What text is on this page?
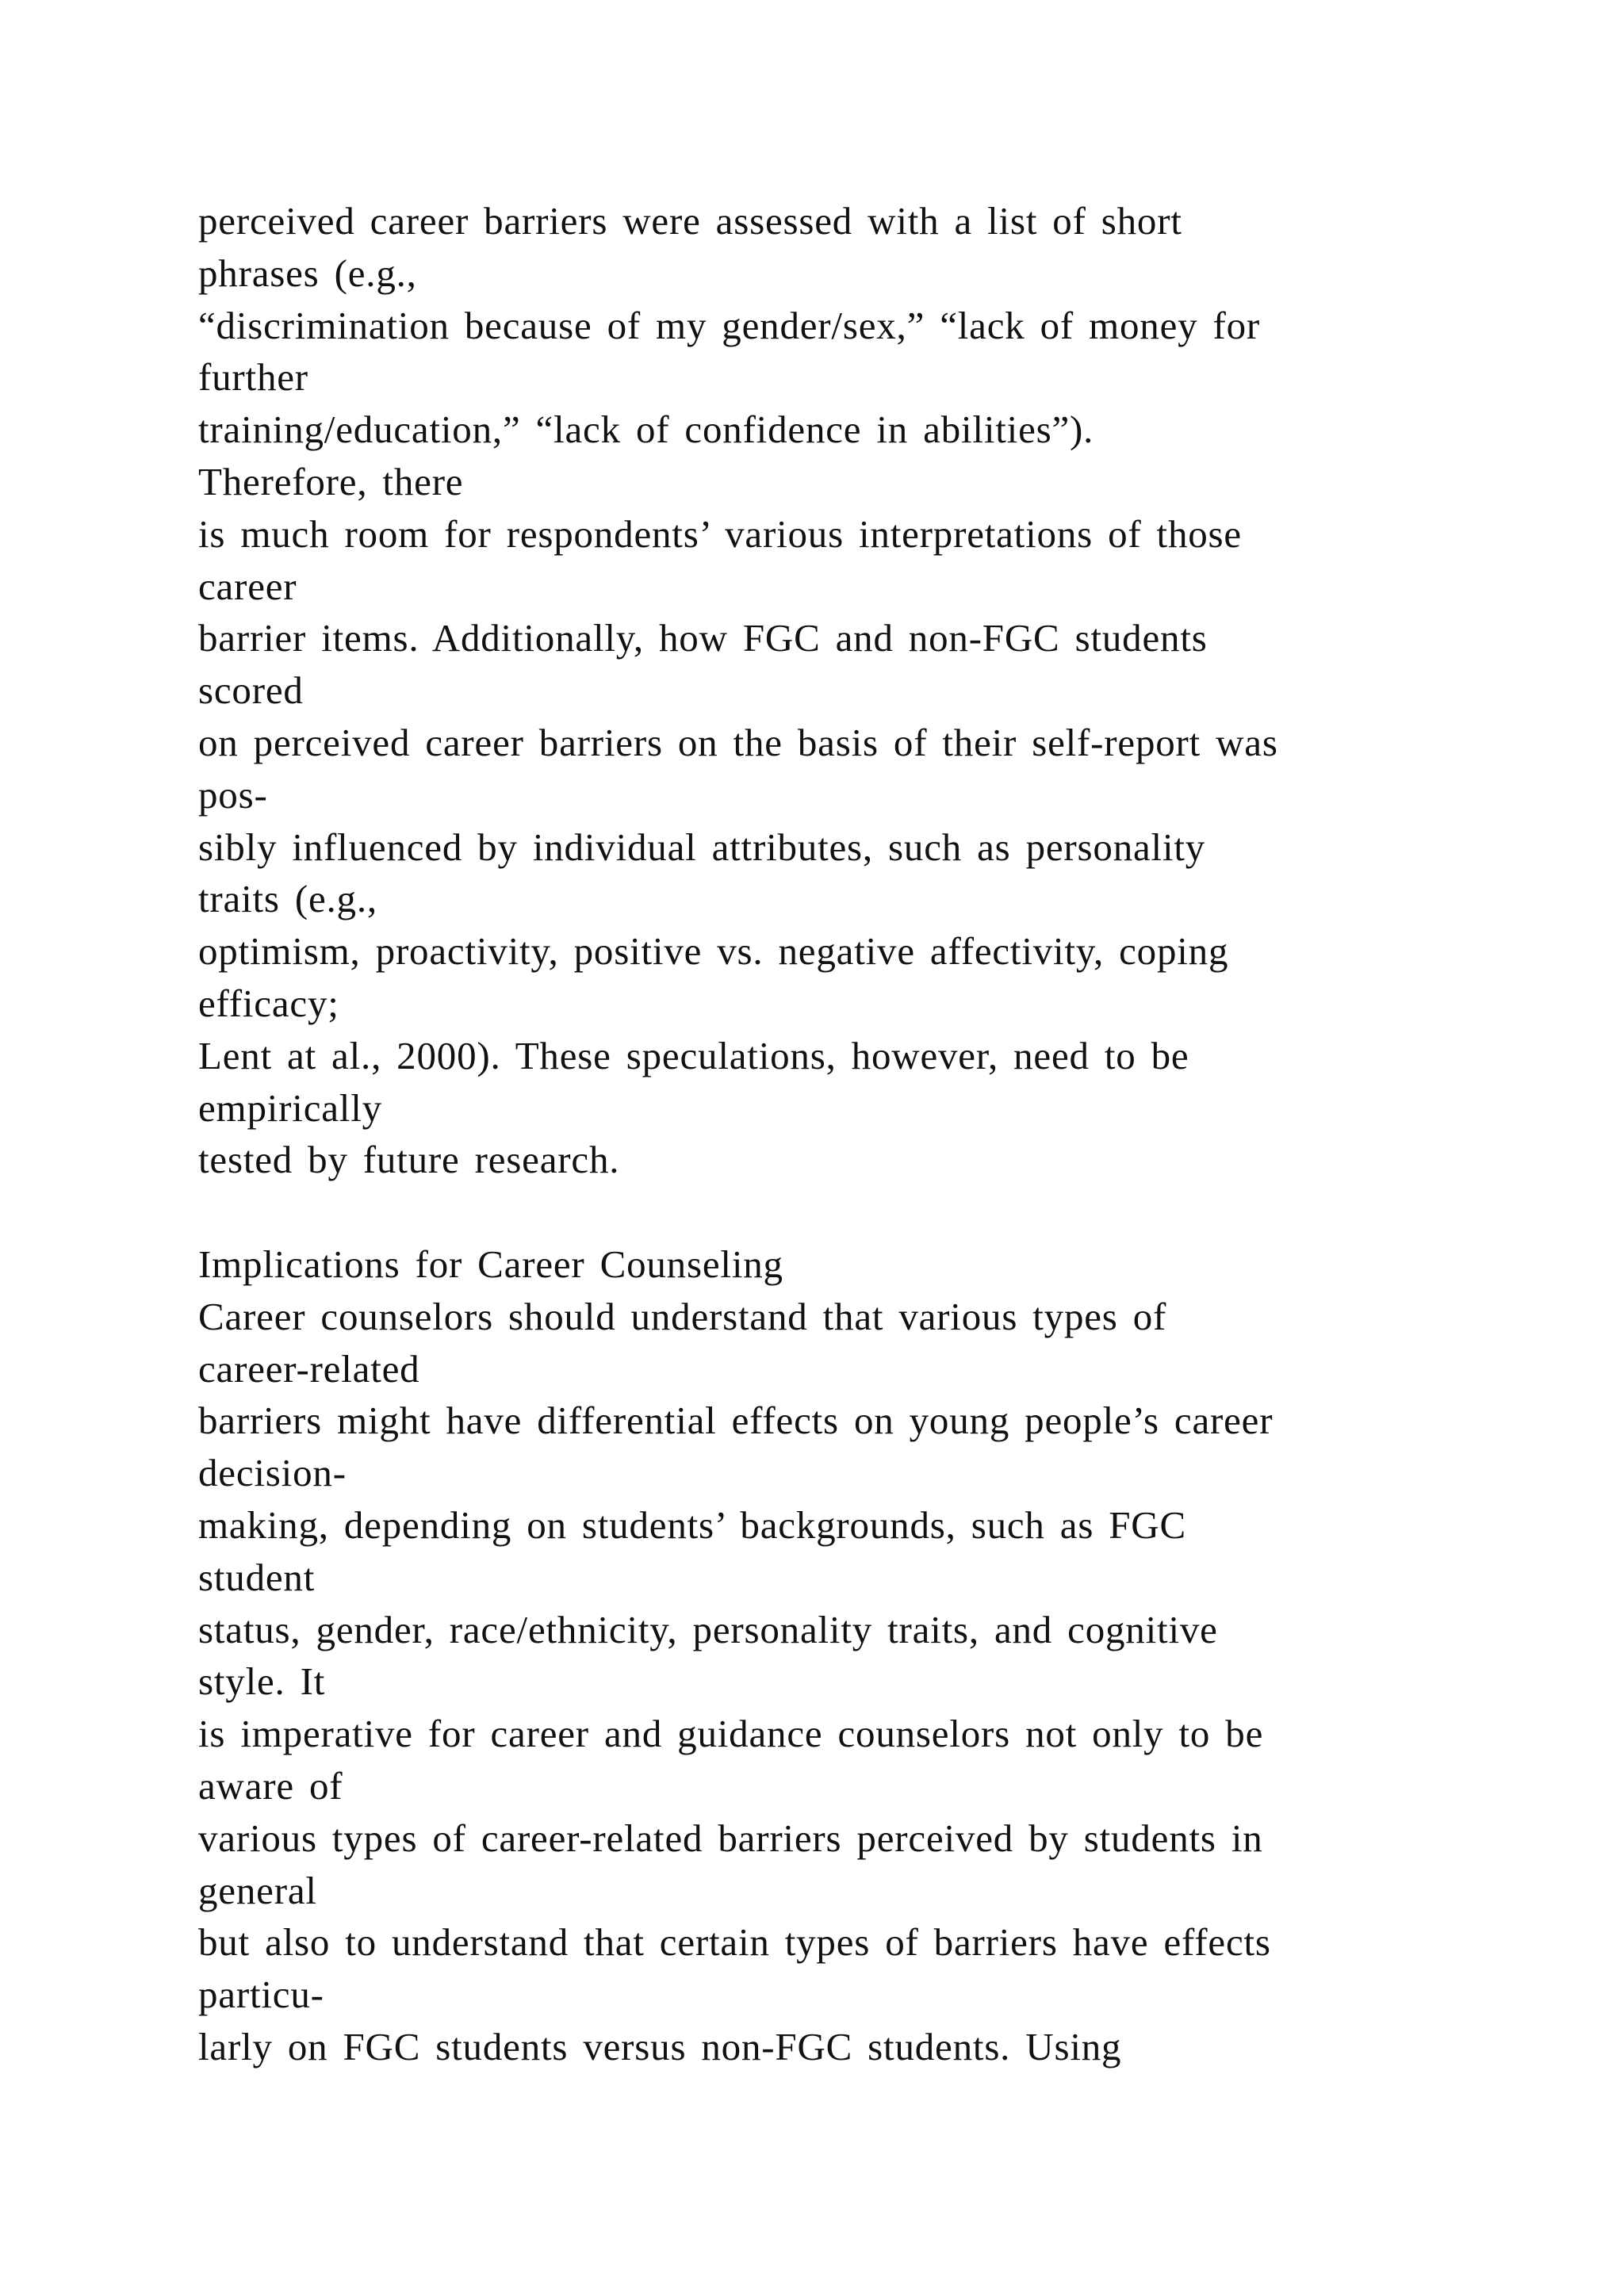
perceived career barriers were assessed with a list of short
phrases (e.g.,
“discrimination because of my gender/sex,” “lack of money for
further
training/education,” “lack of confidence in abilities”).
Therefore, there
is much room for respondents’ various interpretations of those
career
barrier items. Additionally, how FGC and non-FGC students
scored
on perceived career barriers on the basis of their self-report was
pos-
sibly influenced by individual attributes, such as personality
traits (e.g.,
optimism, proactivity, positive vs. negative affectivity, coping
efficacy;
Lent at al., 2000). These speculations, however, need to be
empirically
tested by future research.
Implications for Career Counseling
Career counselors should understand that various types of
career-related
barriers might have differential effects on young people’s career
decision-
making, depending on students’ backgrounds, such as FGC
student
status, gender, race/ethnicity, personality traits, and cognitive
style. It
is imperative for career and guidance counselors not only to be
aware of
various types of career-related barriers perceived by students in
general
but also to understand that certain types of barriers have effects
particu-
larly on FGC students versus non-FGC students. Using
